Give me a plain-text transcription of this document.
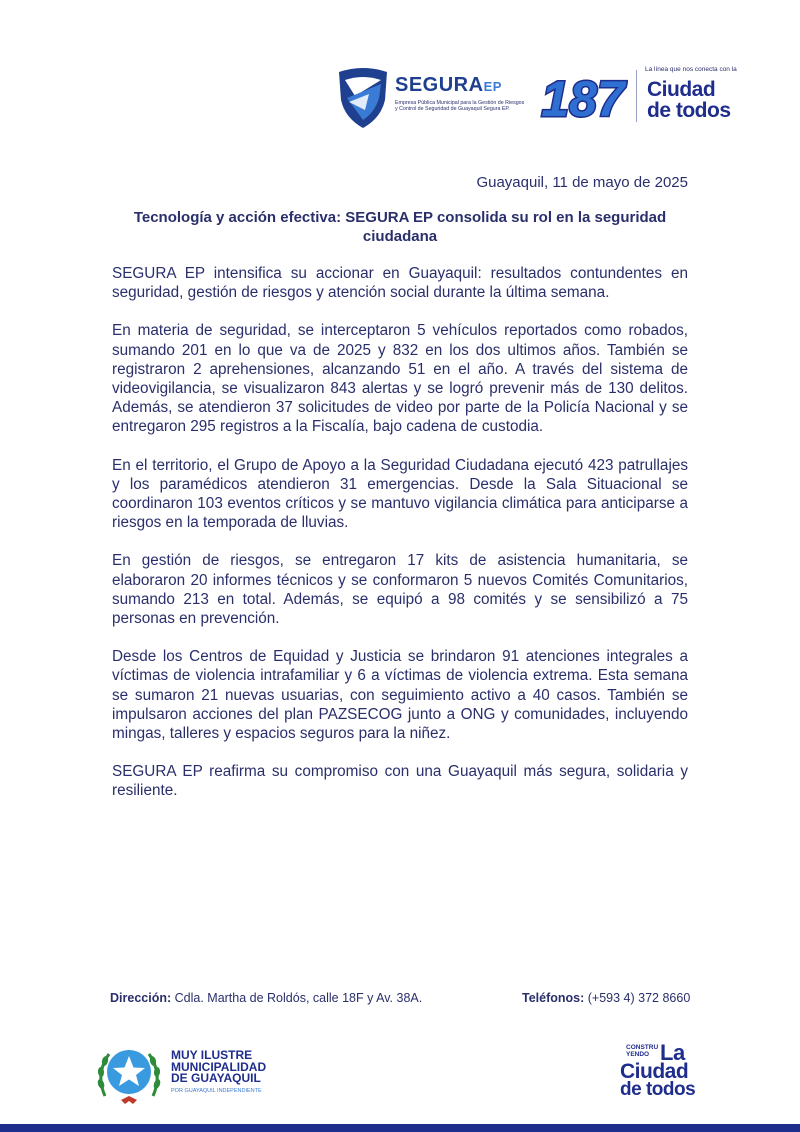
SEGURAEP
Empresa Pública Municipal para la Gestión de Riesgos y Control de Seguridad de Guayaquil Segura EP. 187
La línea que nos conecta con la
Ciudad
de todos
Guayaquil, 11 de mayo de 2025
Tecnología y acción efectiva: SEGURA EP consolida su rol en la seguridad ciudadana

SEGURA EP intensifica su accionar en Guayaquil: resultados contundentes en seguridad, gestión de riesgos y atención social durante la última semana.

En materia de seguridad, se interceptaron 5 vehículos reportados como robados, sumando 201 en lo que va de 2025 y 832 en los dos ultimos años. También se registraron 2 aprehensiones, alcanzando 51 en el año. A través del sistema de videovigilancia, se visualizaron 843 alertas y se logró prevenir más de 130 delitos. Además, se atendieron 37 solicitudes de video por parte de la Policía Nacional y se entregaron 295 registros a la Fiscalía, bajo cadena de custodia.

En el territorio, el Grupo de Apoyo a la Seguridad Ciudadana ejecutó 423 patrullajes y los paramédicos atendieron 31 emergencias. Desde la Sala Situacional se coordinaron 103 eventos críticos y se mantuvo vigilancia climática para anticiparse a riesgos en la temporada de lluvias.

En gestión de riesgos, se entregaron 17 kits de asistencia humanitaria, se elaboraron 20 informes técnicos y se conformaron 5 nuevos Comités Comunitarios, sumando 213 en total. Además, se equipó a 98 comités y se sensibilizó a 75 personas en prevención.

Desde los Centros de Equidad y Justicia se brindaron 91 atenciones integrales a víctimas de violencia intrafamiliar y 6 a víctimas de violencia extrema. Esta semana se sumaron 21 nuevas usuarias, con seguimiento activo a 40 casos. También se impulsaron acciones del plan PAZSECOG junto a ONG y comunidades, incluyendo mingas, talleres y espacios seguros para la niñez.

SEGURA EP reafirma su compromiso con una Guayaquil más segura, solidaria y resiliente.

Dirección: Cdla. Martha de Roldós, calle 18F y Av. 38A.	Teléfonos: (+593 4) 372 8660
MUY ILUSTRE
MUNICIPALIDAD
DE GUAYAQUIL
POR GUAYAQUIL INDEPENDIENTE
CONSTRU
YENDO La
Ciudad
de todos
